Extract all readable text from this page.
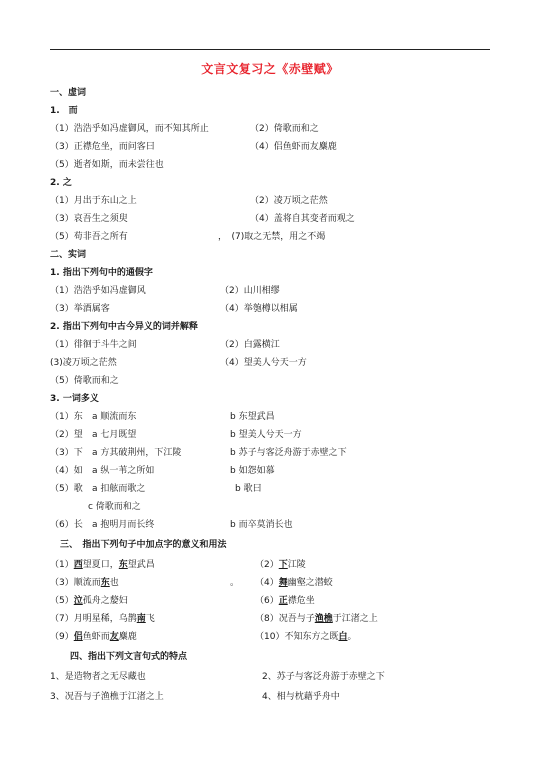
文言文复习之《赤壁赋》
一、虚词
1.　而
（1）浩浩乎如冯虚御风，而不知其所止	（2）倚歌而和之
（3）正襟危坐，而问客曰	（4）侣鱼虾而友麋鹿
（5）逝者如斯，而未尝往也
2. 之
（1）月出于东山之上	（2）凌万顷之茫然
（3）哀吾生之须臾	（4）盖将自其变者而观之
（5）苟非吾之所有	　　，　(7)取之无禁，用之不竭
二、实词
1. 指出下列句中的通假字
（1）浩浩乎如冯虚御风	（2）山川相缪
（3）举酒属客	（4）举匏樽以相属
2. 指出下列句中古今异义的词并解释
（1）徘徊于斗牛之间	（2）白露横江
(3)凌万顷之茫然	（4）望美人兮天一方
（5）倚歌而和之
3. 一词多义
（1）东 a 顺流而东	b 东望武昌
（2）望 a 七月既望	b 望美人兮天一方
（3）下 a 方其破荆州，下江陵	b 苏子与客泛舟游于赤壁之下
（4）如 a 纵一苇之所如	b 如怨如慕
（5）歌 a 扣舷而歌之	b 歌曰
c 倚歌而和之
（6）长 a 抱明月而长终	b 而卒莫消长也
三、　指出下列句子中加点字的意义和用法
（1）西望夏口，东望武昌	（2）下江陵
（3）顺流而东也	。 （4）舞幽壑之潜蛟
（5）泣孤舟之嫠妇	（6）正襟危坐
（7）月明星稀，乌鹊南飞	（8）况吾与子渔樵于江渚之上
（9）侣鱼虾而友麋鹿	（10）不知东方之既白。
四、指出下列文言句式的特点
1、是造物者之无尽藏也	2、苏子与客泛舟游于赤壁之下
3、况吾与子渔樵于江渚之上	4、相与枕藉乎舟中
